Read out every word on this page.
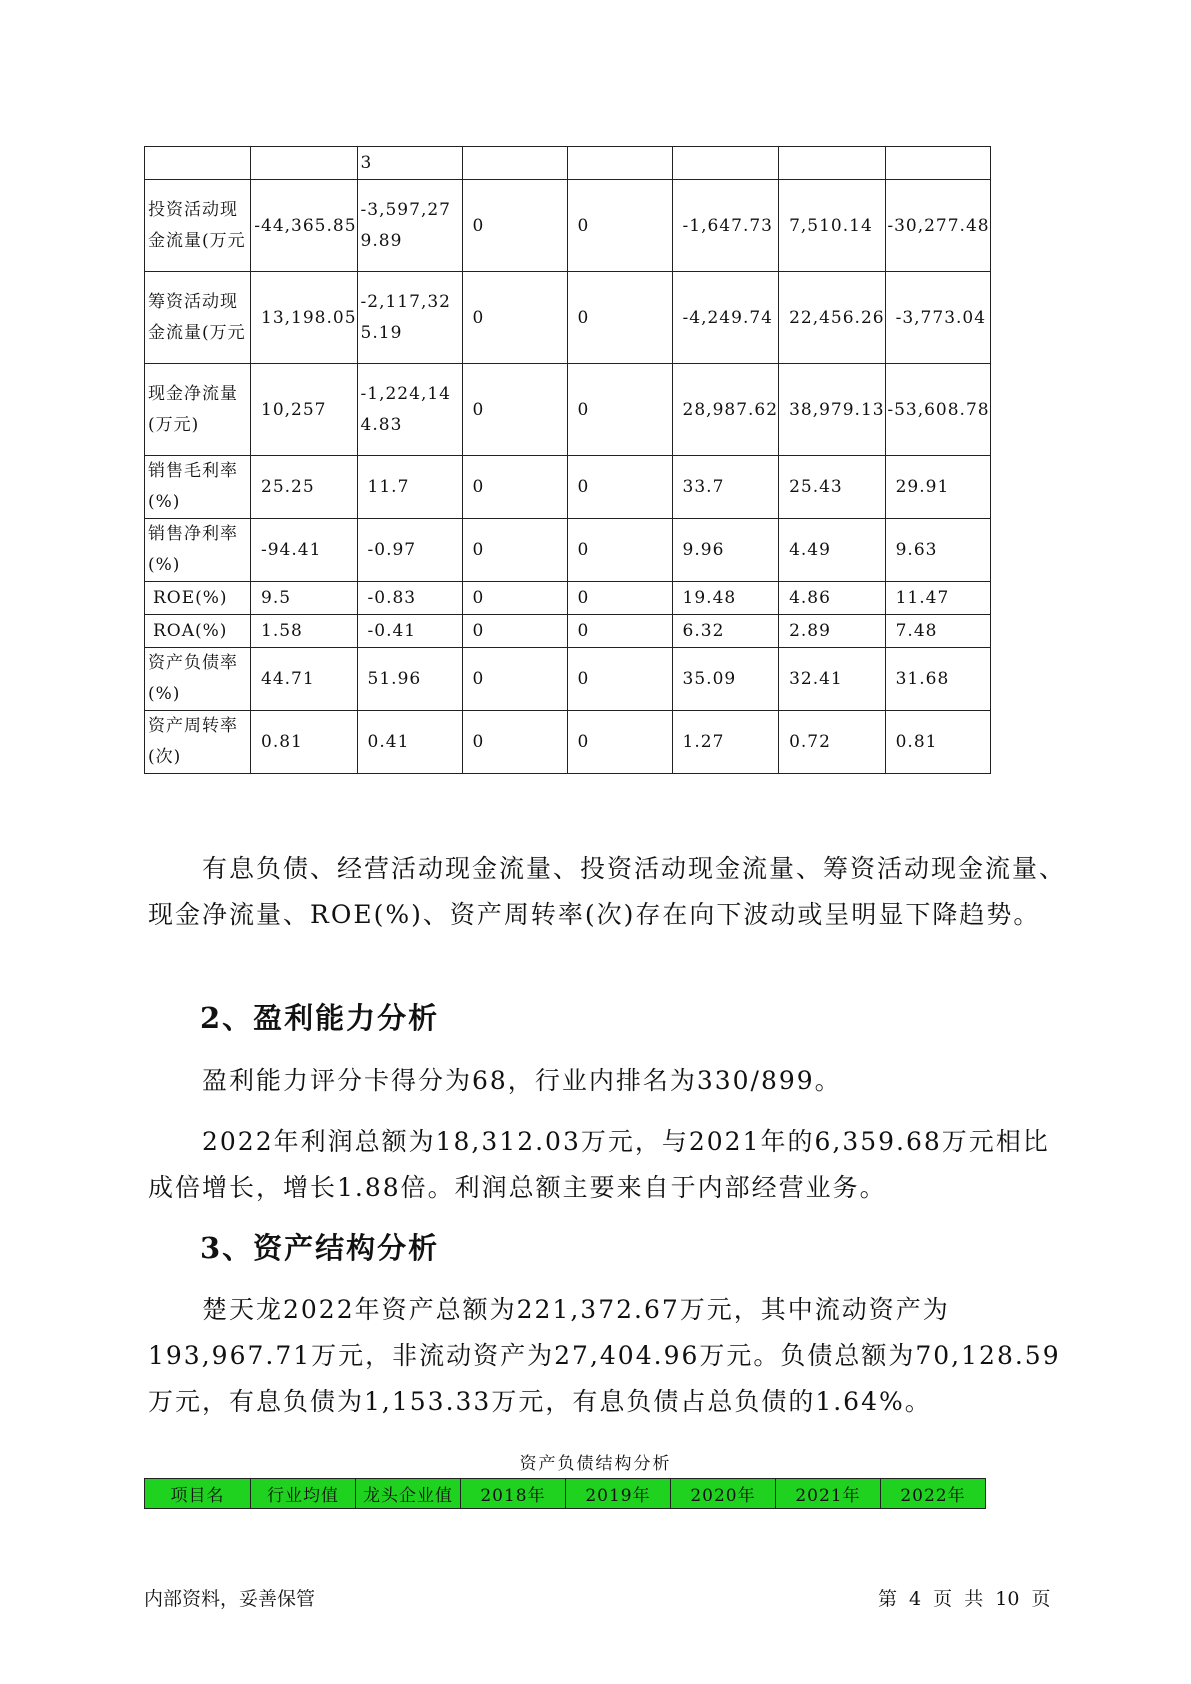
		3					
投资活动现金流量(万元	-44,365.85	-3,597,279.89	0	0	-1,647.73	7,510.14	-30,277.48
筹资活动现金流量(万元	13,198.05	-2,117,325.19	0	0	-4,249.74	22,456.26	-3,773.04
现金净流量(万元)	10,257	-1,224,144.83	0	0	28,987.62	38,979.13	-53,608.78
销售毛利率(%)	25.25	11.7	0	0	33.7	25.43	29.91
销售净利率(%)	-94.41	-0.97	0	0	9.96	4.49	9.63
ROE(%)	9.5	-0.83	0	0	19.48	4.86	11.47
ROA(%)	1.58	-0.41	0	0	6.32	2.89	7.48
资产负债率(%)	44.71	51.96	0	0	35.09	32.41	31.68
资产周转率(次)	0.81	0.41	0	0	1.27	0.72	0.81
有息负债、经营活动现金流量、投资活动现金流量、筹资活动现金流量、现金净流量、ROE(%)、资产周转率(次)存在向下波动或呈明显下降趋势。
2、盈利能力分析
盈利能力评分卡得分为68，行业内排名为330/899。
2022年利润总额为18,312.03万元，与2021年的6,359.68万元相比成倍增长，增长1.88倍。利润总额主要来自于内部经营业务。
3、资产结构分析
楚天龙2022年资产总额为221,372.67万元，其中流动资产为193,967.71万元，非流动资产为27,404.96万元。负债总额为70,128.59万元，有息负债为1,153.33万元，有息负债占总负债的1.64%。
资产负债结构分析
项目名	行业均值	龙头企业值	2018年	2019年	2020年	2021年	2022年
内部资料，妥善保管	第 4 页 共 10 页
